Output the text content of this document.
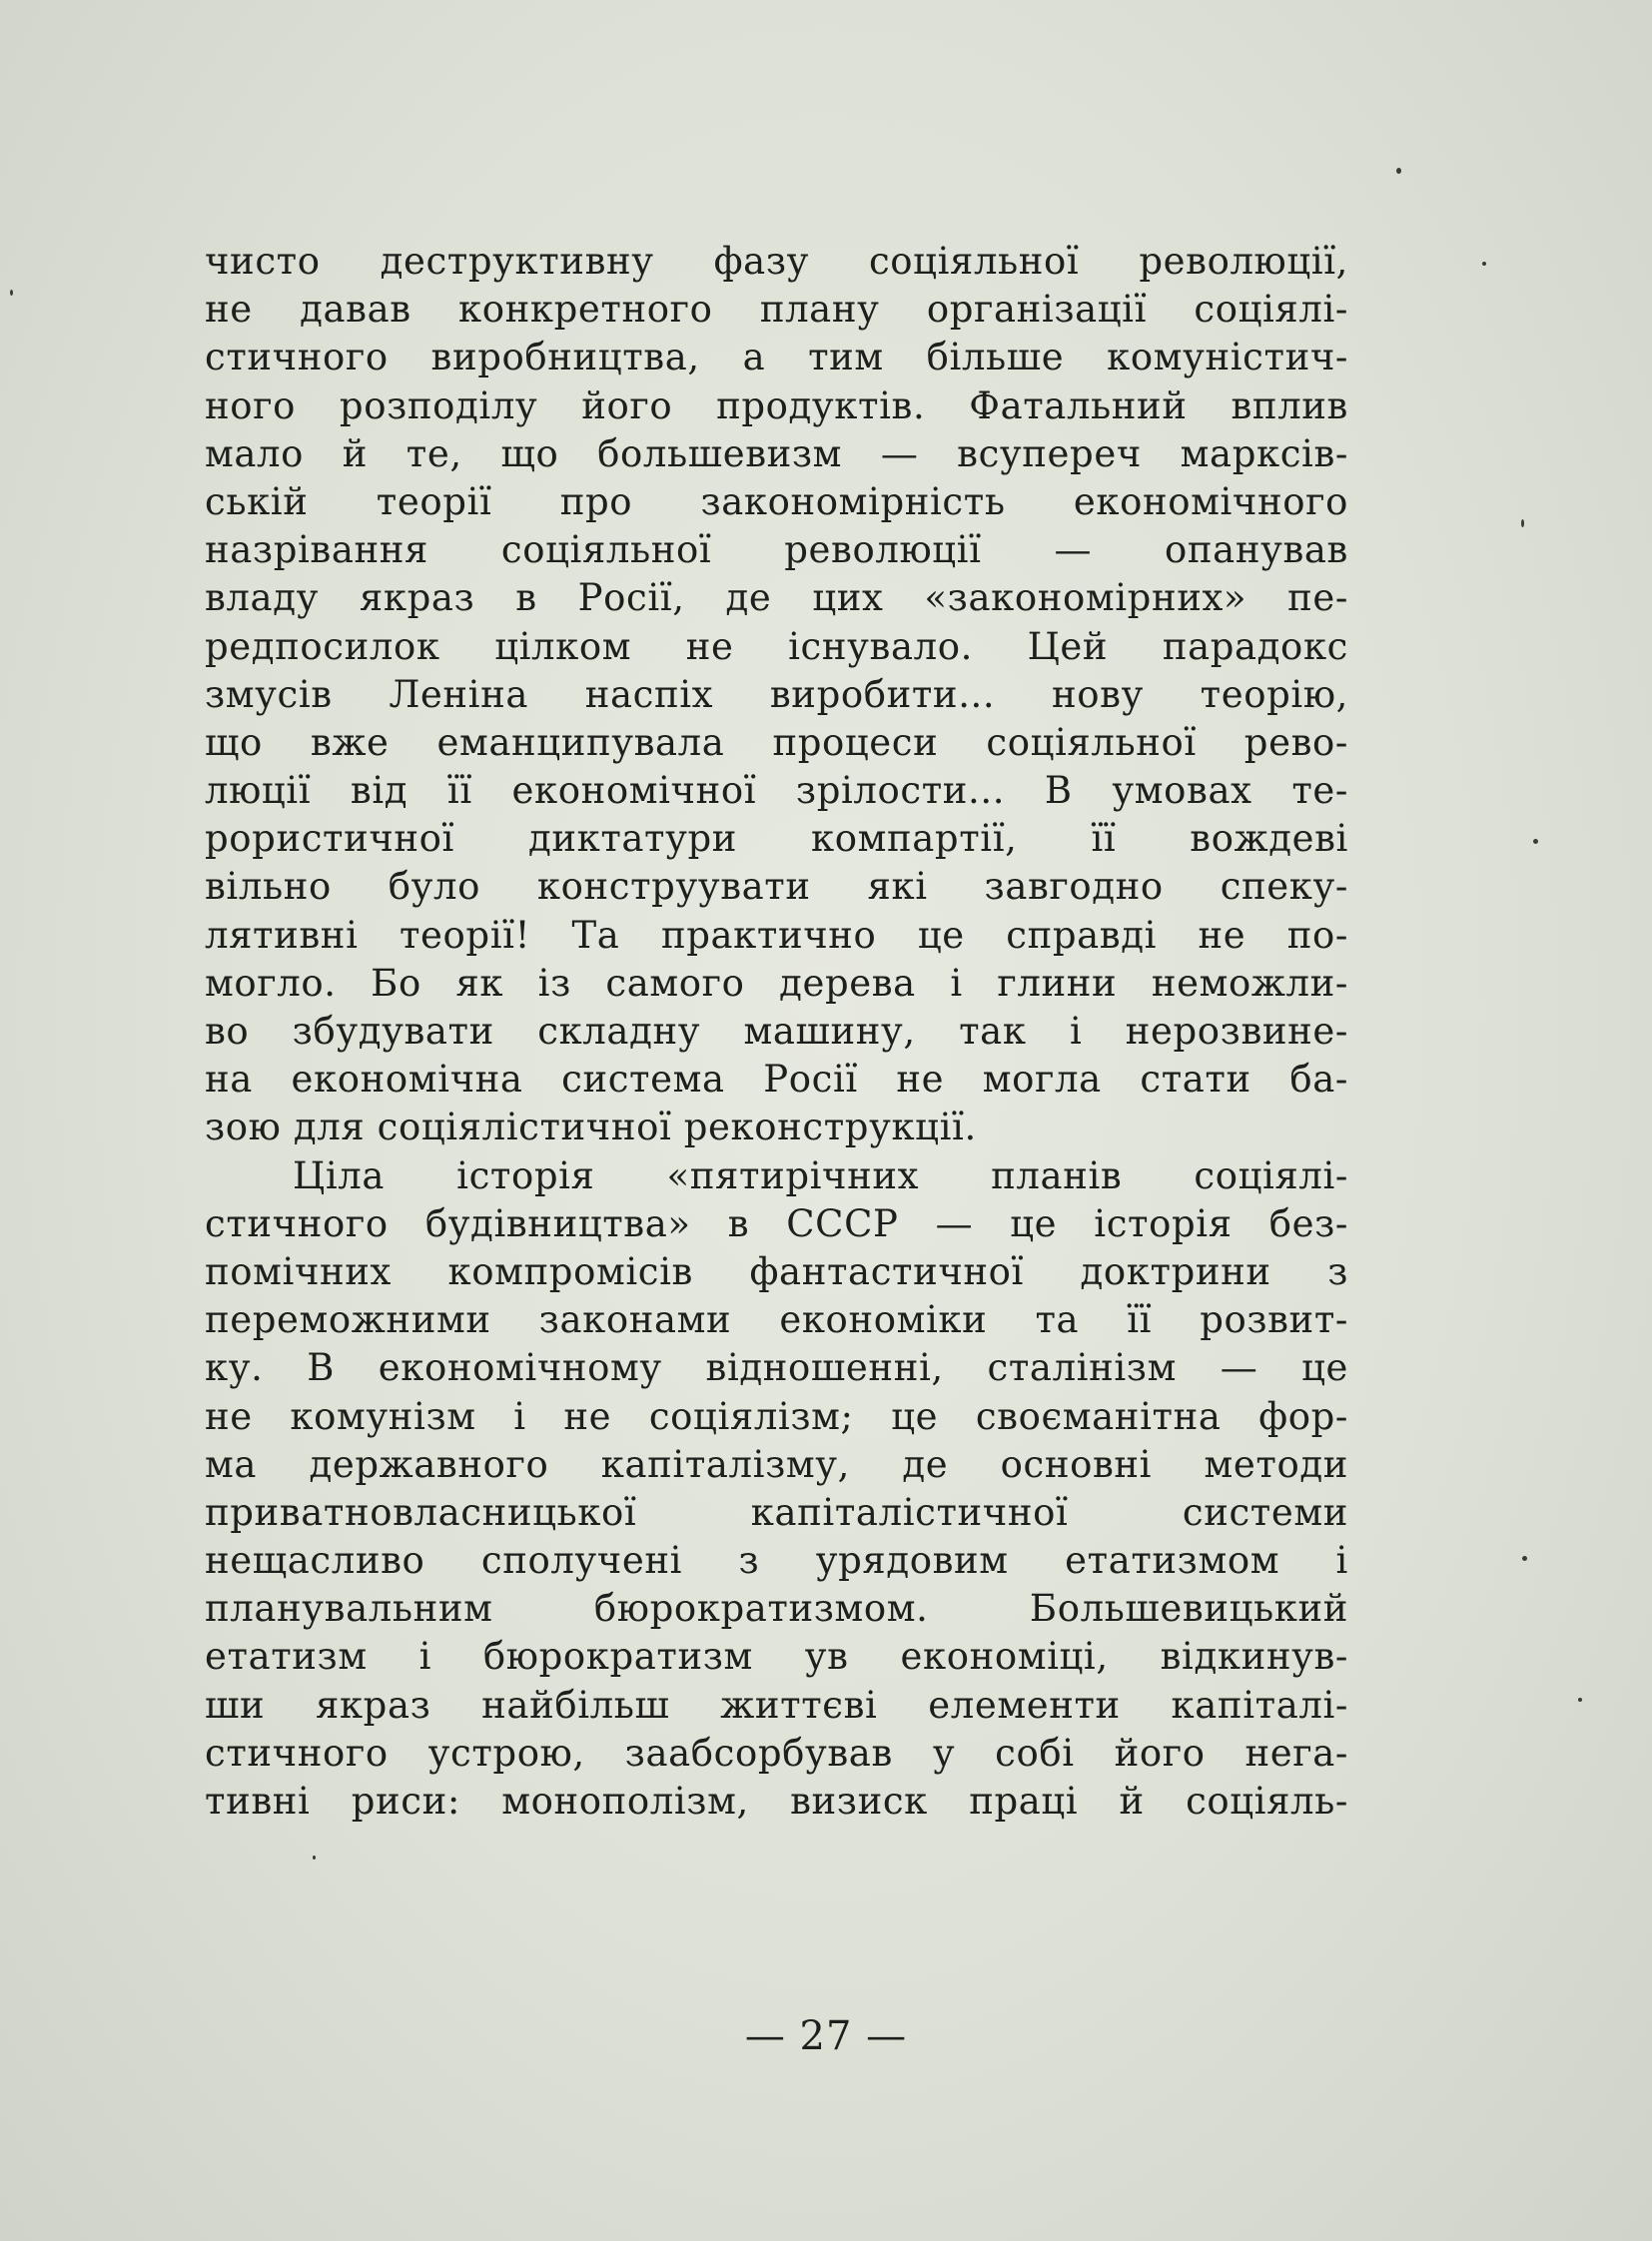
чисто деструктивну фазу соціяльної революції,
не давав конкретного плану організації соціялі-
стичного виробництва, а тим більше комуністич-
ного розподілу його продуктів. Фатальний вплив
мало й те, що большевизм — всупереч марксів-
ській теорії про закономірність економічного
назрівання соціяльної революції — опанував
владу якраз в Росії, де цих «закономірних» пе-
редпосилок цілком не існувало. Цей парадокс
змусів Леніна наспіх виробити... нову теорію,
що вже еманципувала процеси соціяльної рево-
люції від її економічної зрілости... В умовах те-
рористичної диктатури компартії, її вождеві
вільно було конструувати які завгодно спеку-
лятивні теорії! Та практично це справді не по-
могло. Бо як із самого дерева і глини неможли-
во збудувати складну машину, так і нерозвине-
на економічна система Росії не могла стати ба-
зою для соціялістичної реконструкції.
Ціла історія «пятирічних планів соціялі-
стичного будівництва» в СССР — це історія без-
помічних компромісів фантастичної доктрини з
переможними законами економіки та її розвит-
ку. В економічному відношенні, сталінізм — це
не комунізм і не соціялізм; це своєманітна фор-
ма державного капіталізму, де основні методи
приватновласницької капіталістичної системи
нещасливо сполучені з урядовим етатизмом і
планувальним бюрократизмом. Большевицький
етатизм і бюрократизм ув економіці, відкинув-
ши якраз найбільш життєві елементи капіталі-
стичного устрою, заабсорбував у собі його нега-
тивні риси: монополізм, визиск праці й соціяль-
— 27 —
